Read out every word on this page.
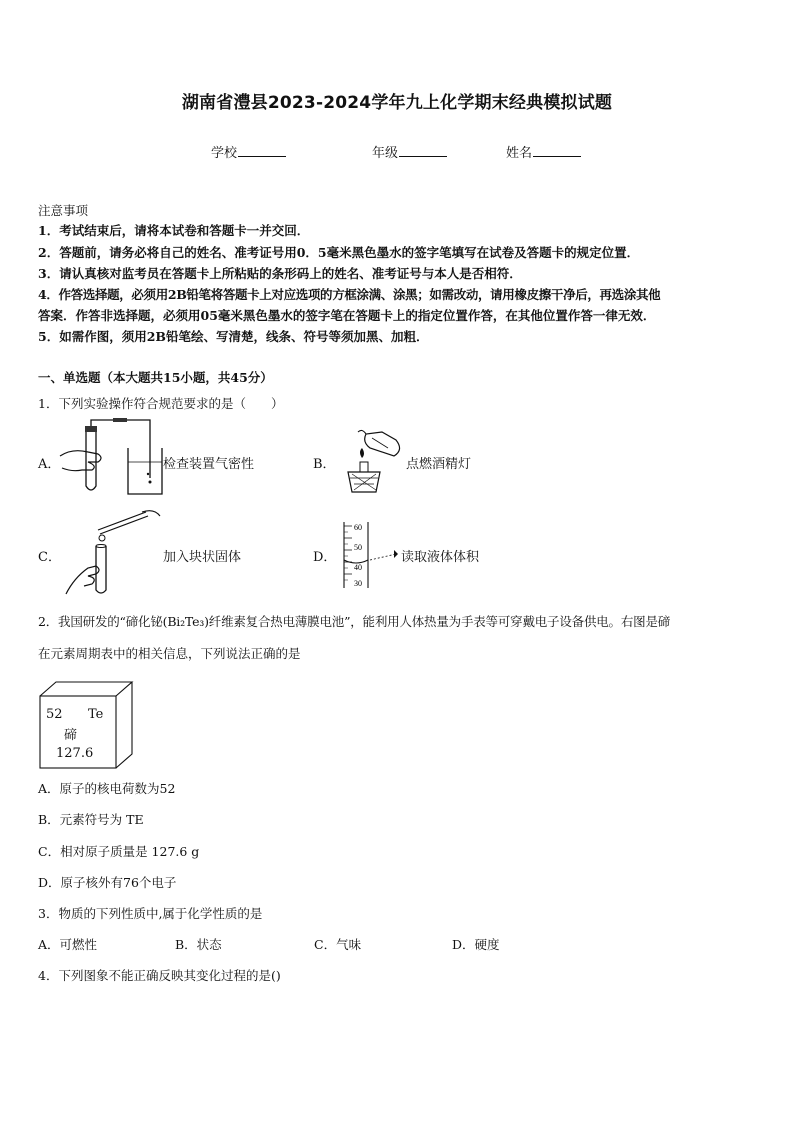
湖南省澧县2023-2024学年九上化学期末经典模拟试题
学校	年级	姓名
注意事项
1．考试结束后，请将本试卷和答题卡一并交回．
2．答题前，请务必将自己的姓名、准考证号用0．5毫米黑色墨水的签字笔填写在试卷及答题卡的规定位置．
3．请认真核对监考员在答题卡上所粘贴的条形码上的姓名、准考证号与本人是否相符．
4．作答选择题，必须用2B铅笔将答题卡上对应选项的方框涂满、涂黑；如需改动，请用橡皮擦干净后，再选涂其他
答案．作答非选择题，必须用05毫米黑色墨水的签字笔在答题卡上的指定位置作答，在其他位置作答一律无效．
5．如需作图，须用2B铅笔绘、写清楚，线条、符号等须加黑、加粗．
一、单选题（本大题共15小题，共45分）
1．下列实验操作符合规范要求的是（　　）
A．	检查装置气密性	B．	点燃酒精灯
C．	加入块状固体	D．
60
50
40
30
读取液体体积
2．我国研发的“碲化铋(Bi₂Te₃)纤维素复合热电薄膜电池”，能利用人体热量为手表等可穿戴电子设备供电。右图是碲
在元素周期表中的相关信息，下列说法正确的是
52 Te
碲
127.6
A．原子的核电荷数为52
B．元素符号为 TE
C．相对原子质量是 127.6 g
D．原子核外有76个电子
3．物质的下列性质中,属于化学性质的是
A．可燃性	B．状态	C．气味	D．硬度
4．下列图象不能正确反映其变化过程的是()
